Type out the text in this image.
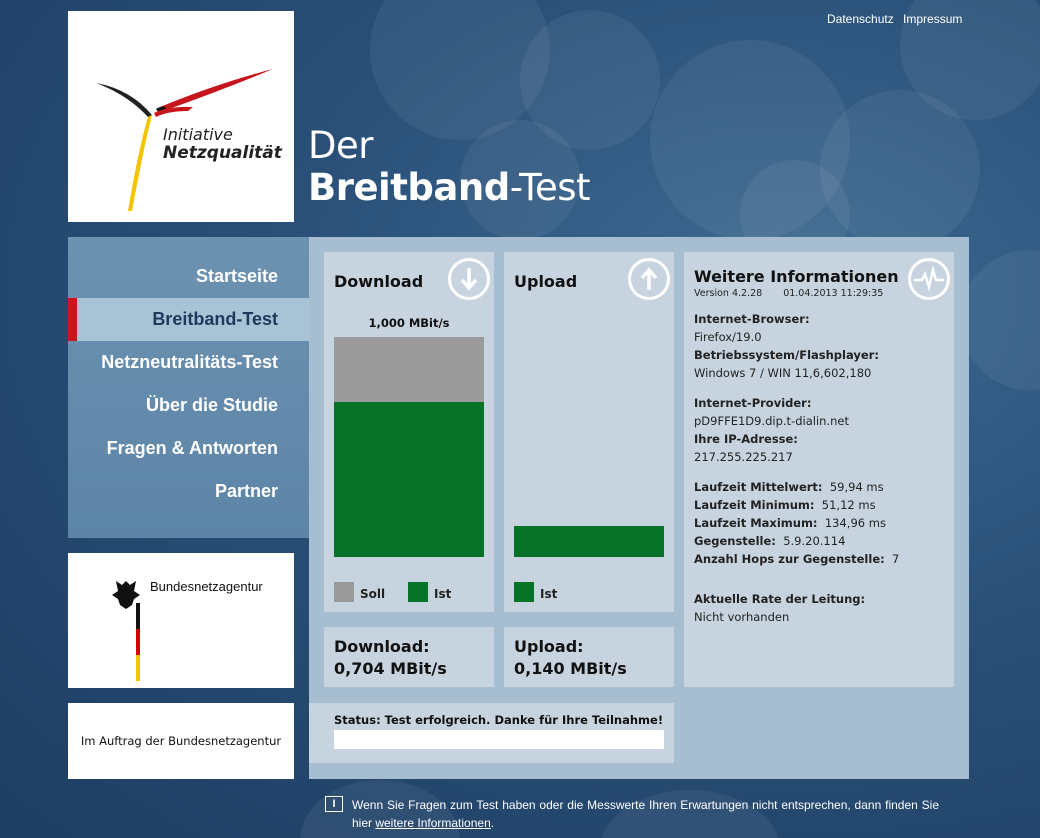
Datenschutz Impressum
Initiative
Netzqualität Der
Breitband-Test
Startseite
Breitband-Test
Netzneutralitäts-Test
Über die Studie
Fragen & Antworten
Partner
Bundesnetzagentur
Im Auftrag der Bundesnetzagentur
Download
1,000 MBit/s
Soll	Ist
Upload
Ist
Download:
0,704 MBit/s
Upload:
0,140 MBit/s
Weitere Informationen
Version 4.2.28 01.04.2013 11:29:35
Internet-Browser:
Firefox/19.0
Betriebssystem/Flashplayer:
Windows 7 / WIN 11,6,602,180
Internet-Provider:
pD9FFE1D9.dip.t-dialin.net
Ihre IP-Adresse:
217.255.225.217
Laufzeit Mittelwert: 59,94 ms
Laufzeit Minimum: 51,12 ms
Laufzeit Maximum: 134,96 ms
Gegenstelle: 5.9.20.114
Anzahl Hops zur Gegenstelle: 7
Aktuelle Rate der Leitung:
Nicht vorhanden
Status: Test erfolgreich. Danke für Ihre Teilnahme!
I	Wenn Sie Fragen zum Test haben oder die Messwerte Ihren Erwartungen nicht entsprechen, dann finden Sie hier weitere Informationen.
